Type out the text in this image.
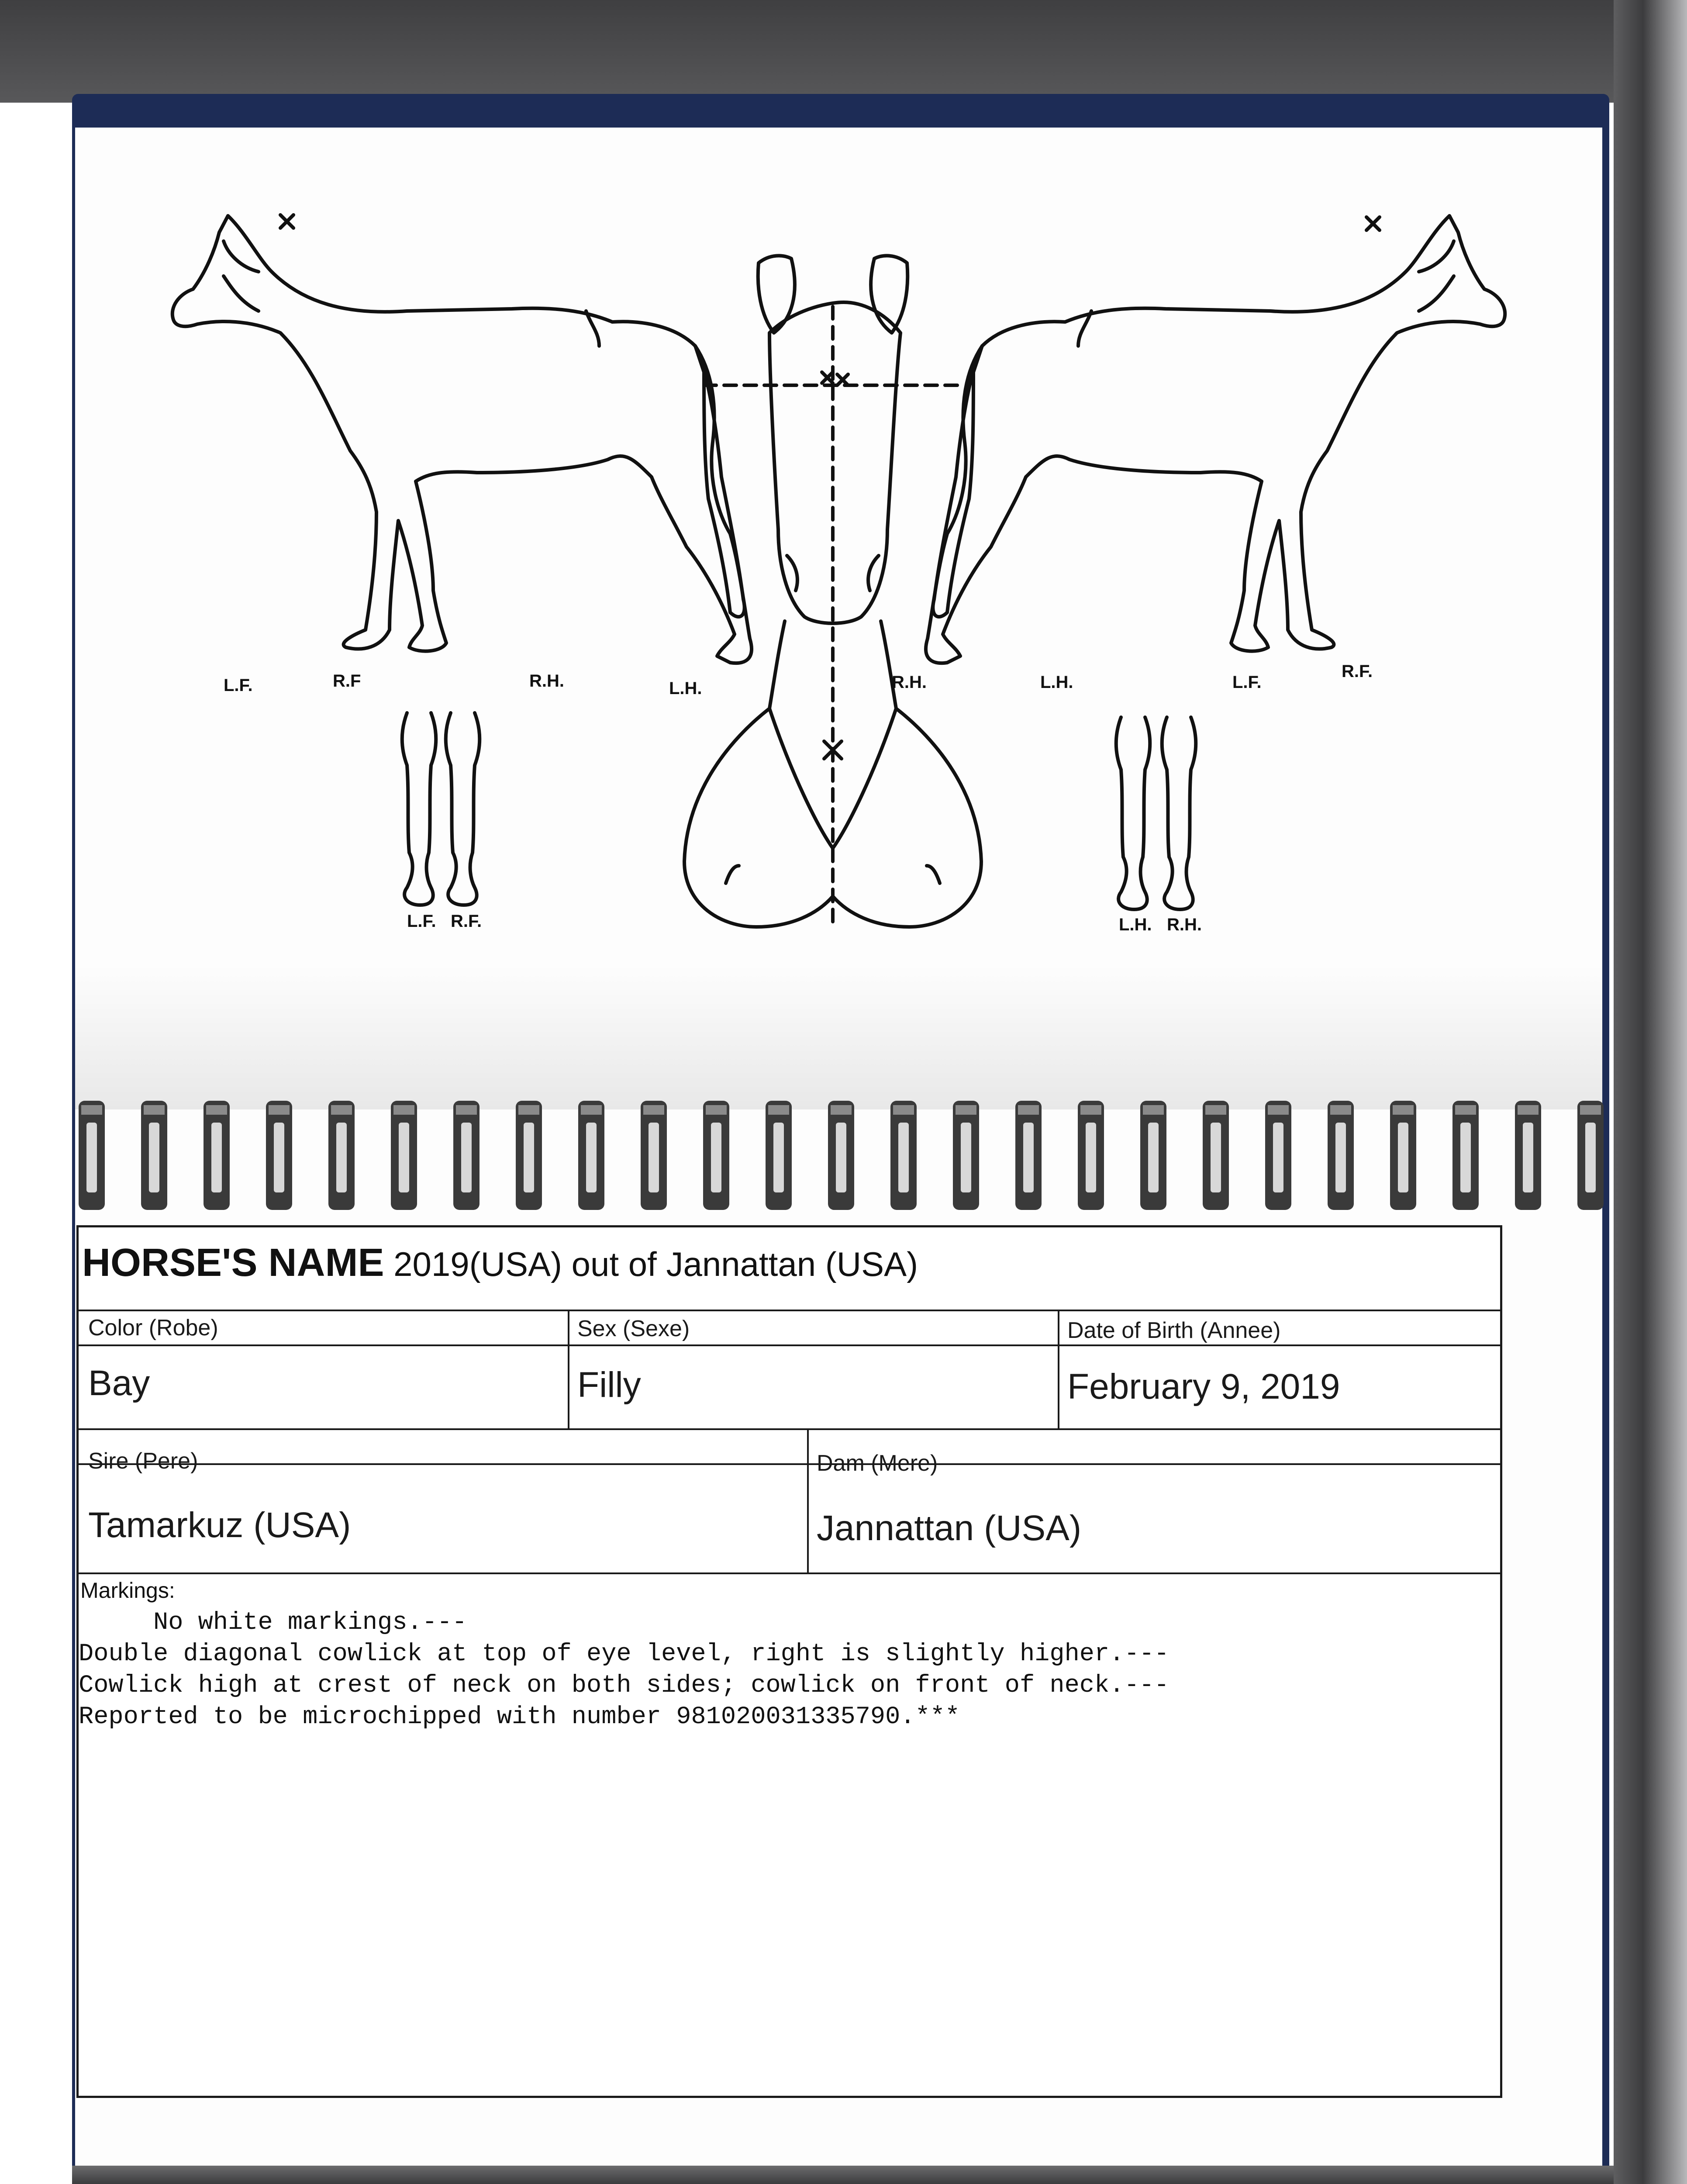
L.F.	R.F	R.H.	L.H.	R.H.	L.H.	L.F.
R.F.
L.F. R.F.	L.H. R.H.
HORSE'S NAME 2019(USA) out of Jannattan (USA)
Color (Robe)
Bay
Sex (Sexe)
Filly
Date of Birth (Annee)
February 9, 2019
Sire (Pere)
Tamarkuz (USA)
Dam (Mere)
Jannattan (USA)
Markings:
No white markings.---
Double diagonal cowlick at top of eye level, right is slightly higher.---
Cowlick high at crest of neck on both sides; cowlick on front of neck.---
Reported to be microchipped with number 981020031335790.***
